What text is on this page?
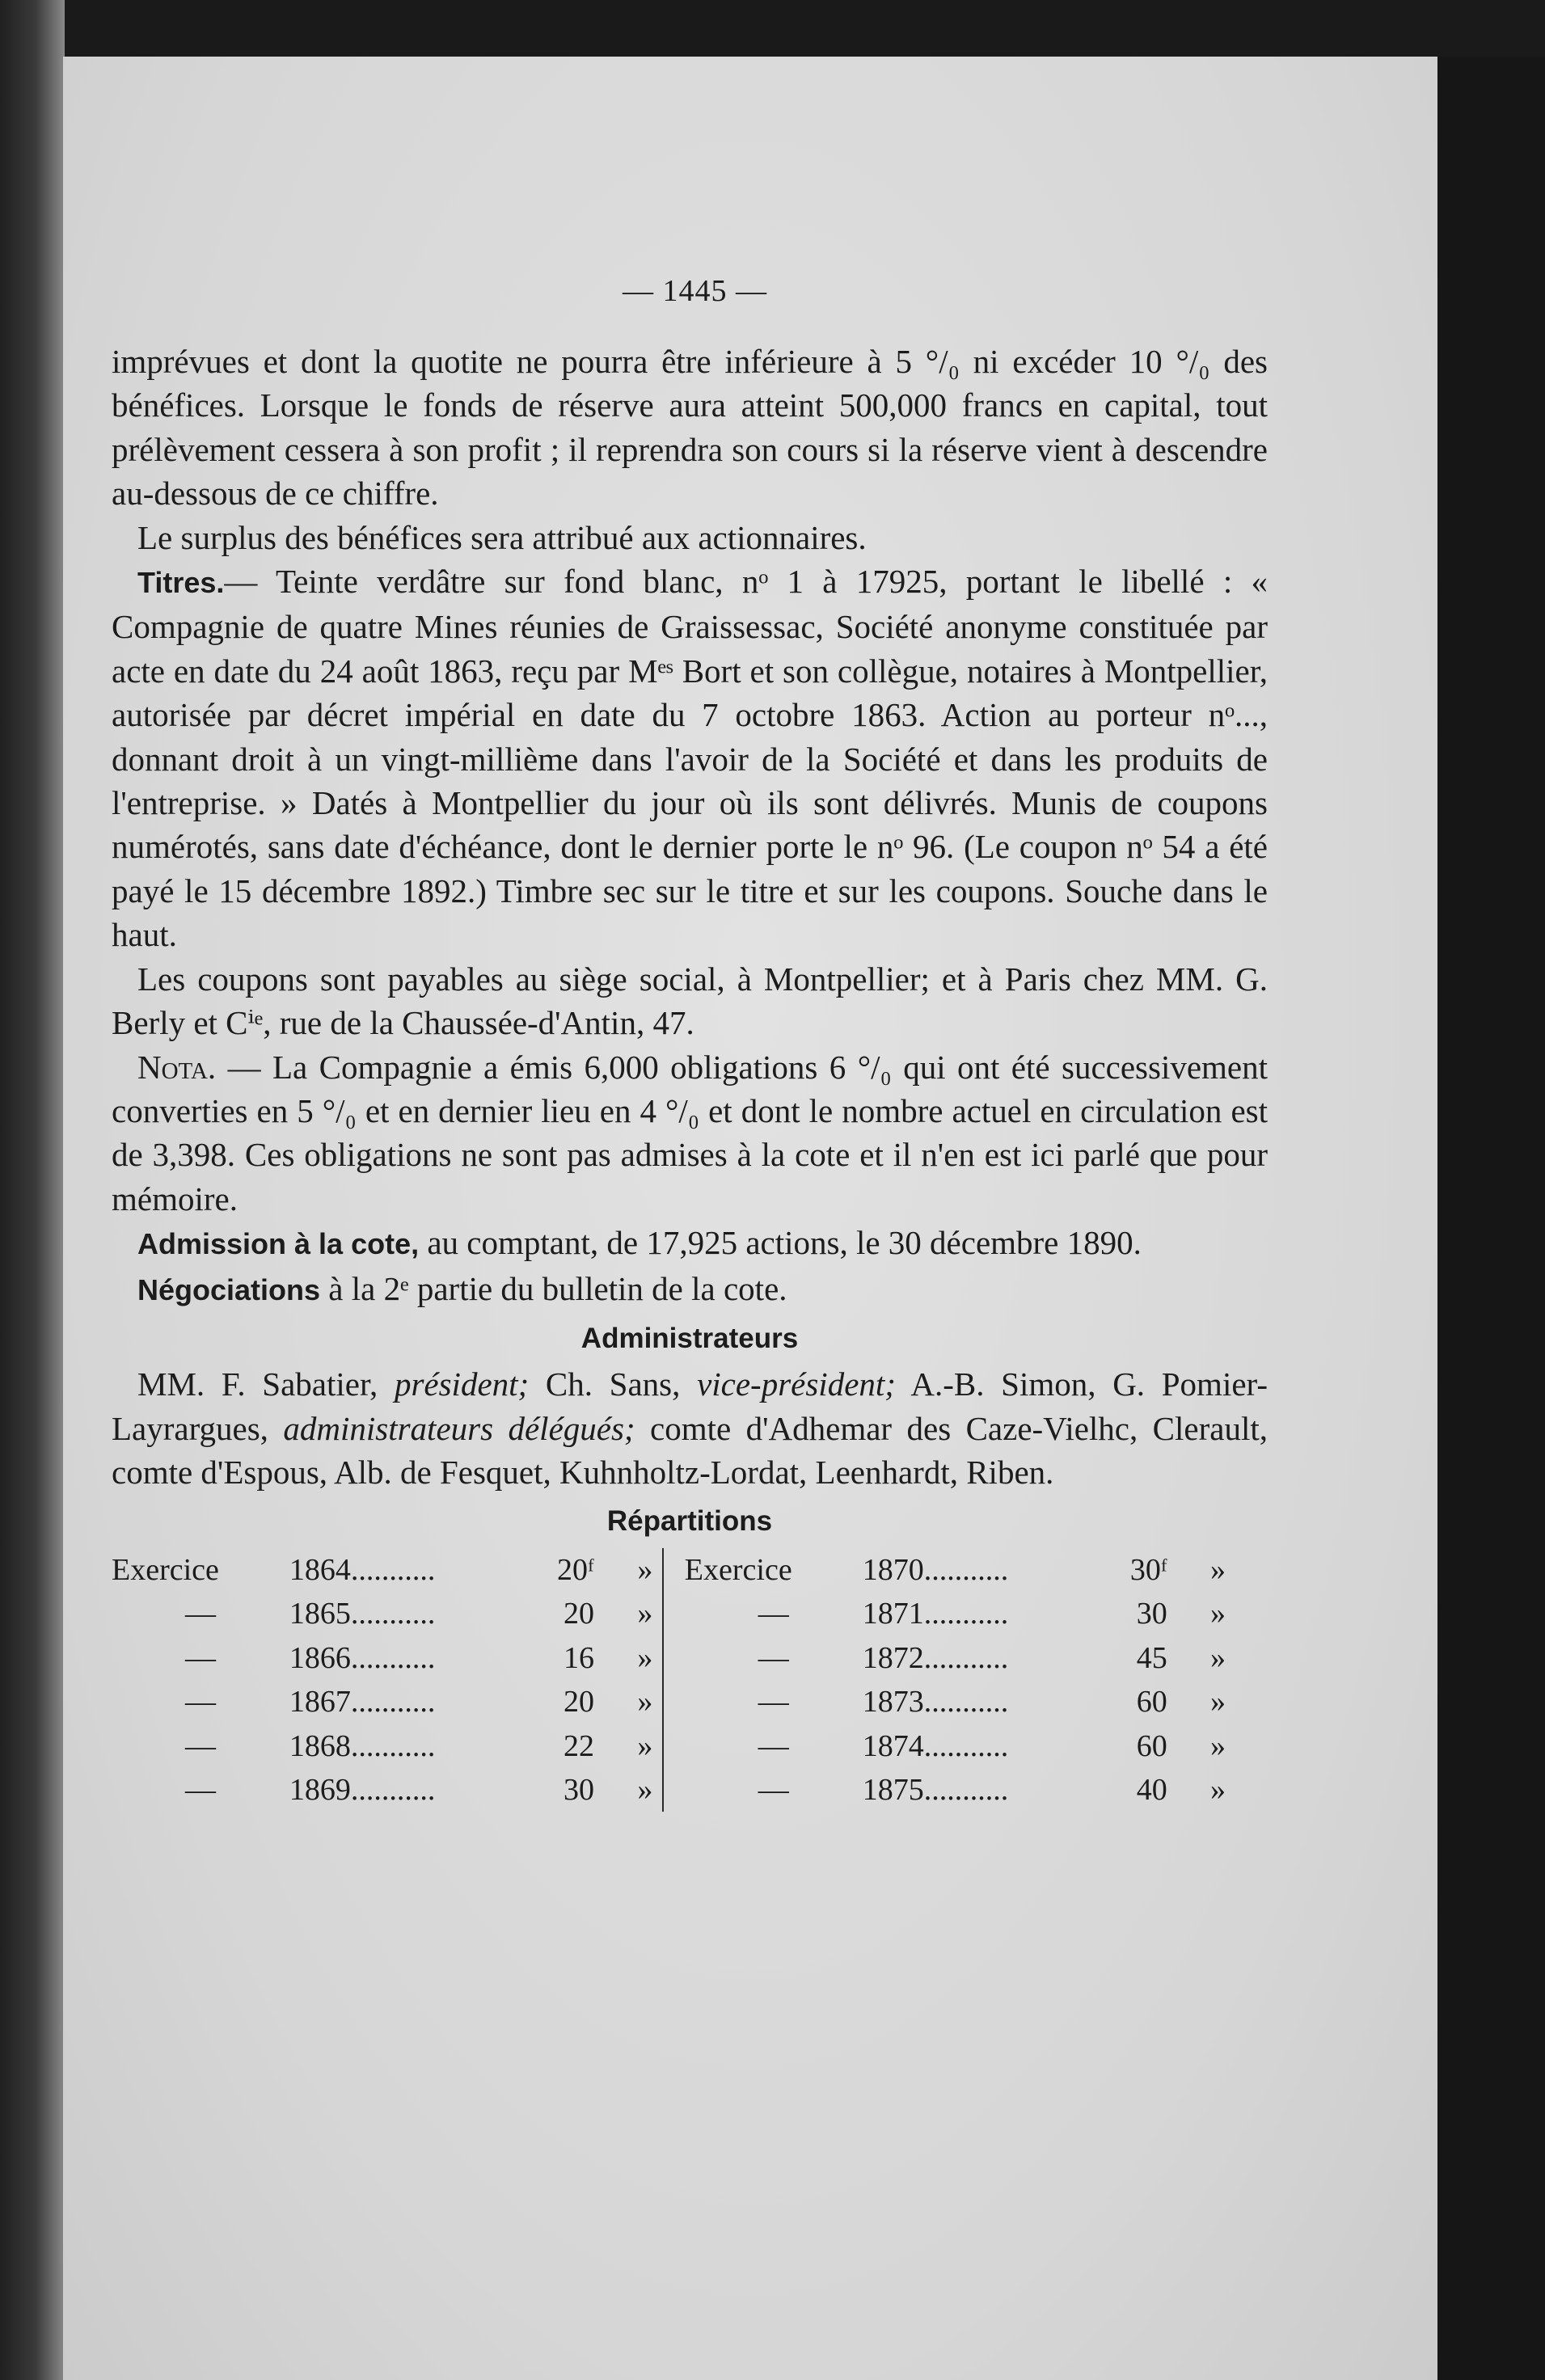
— 1445 —

imprévues et dont la quotite ne pourra être inférieure à 5 °/₀ ni excéder 10 °/₀ des bénéfices. Lorsque le fonds de réserve aura atteint 500,000 francs en capital, tout prélèvement cessera à son profit ; il reprendra son cours si la réserve vient à descendre au-dessous de ce chiffre.

Le surplus des bénéfices sera attribué aux actionnaires.

Titres.— Teinte verdâtre sur fond blanc, nᵒ 1 à 17925, portant le libellé : « Compagnie de quatre Mines réunies de Graissessac, Société anonyme constituée par acte en date du 24 août 1863, reçu par Mᵉˢ Bort et son collègue, notaires à Montpellier, autorisée par décret impérial en date du 7 octobre 1863. Action au porteur nᵒ..., donnant droit à un vingt-millième dans l'avoir de la Société et dans les produits de l'entreprise. » Datés à Montpellier du jour où ils sont délivrés. Munis de coupons numérotés, sans date d'échéance, dont le dernier porte le nᵒ 96. (Le coupon nᵒ 54 a été payé le 15 décembre 1892.) Timbre sec sur le titre et sur les coupons. Souche dans le haut.

Les coupons sont payables au siège social, à Montpellier; et à Paris chez MM. G. Berly et Cⁱᵉ, rue de la Chaussée-d'Antin, 47.

Nota. — La Compagnie a émis 6,000 obligations 6 °/₀ qui ont été successivement converties en 5 °/₀ et en dernier lieu en 4 °/₀ et dont le nombre actuel en circulation est de 3,398. Ces obligations ne sont pas admises à la cote et il n'en est ici parlé que pour mémoire.

Admission à la cote, au comptant, de 17,925 actions, le 30 décembre 1890.

Négociations à la 2ᵉ partie du bulletin de la cote.

Administrateurs

MM. F. Sabatier, président; Ch. Sans, vice-président; A.-B. Simon, G. Pomier-Layrargues, administrateurs délégués; comte d'Adhemar des Caze-Vielhc, Clerault, comte d'Espous, Alb. de Fesquet, Kuhnholtz-Lordat, Leenhardt, Riben.

Répartitions
Exercice	1864...........	20ᶠ	»		Exercice	1870...........	30ᶠ	»
—	1865...........	20	»		—	1871...........	30	»
—	1866...........	16	»		—	1872...........	45	»
—	1867...........	20	»		—	1873...........	60	»
—	1868...........	22	»		—	1874...........	60	»
—	1869...........	30	»		—	1875...........	40	»
